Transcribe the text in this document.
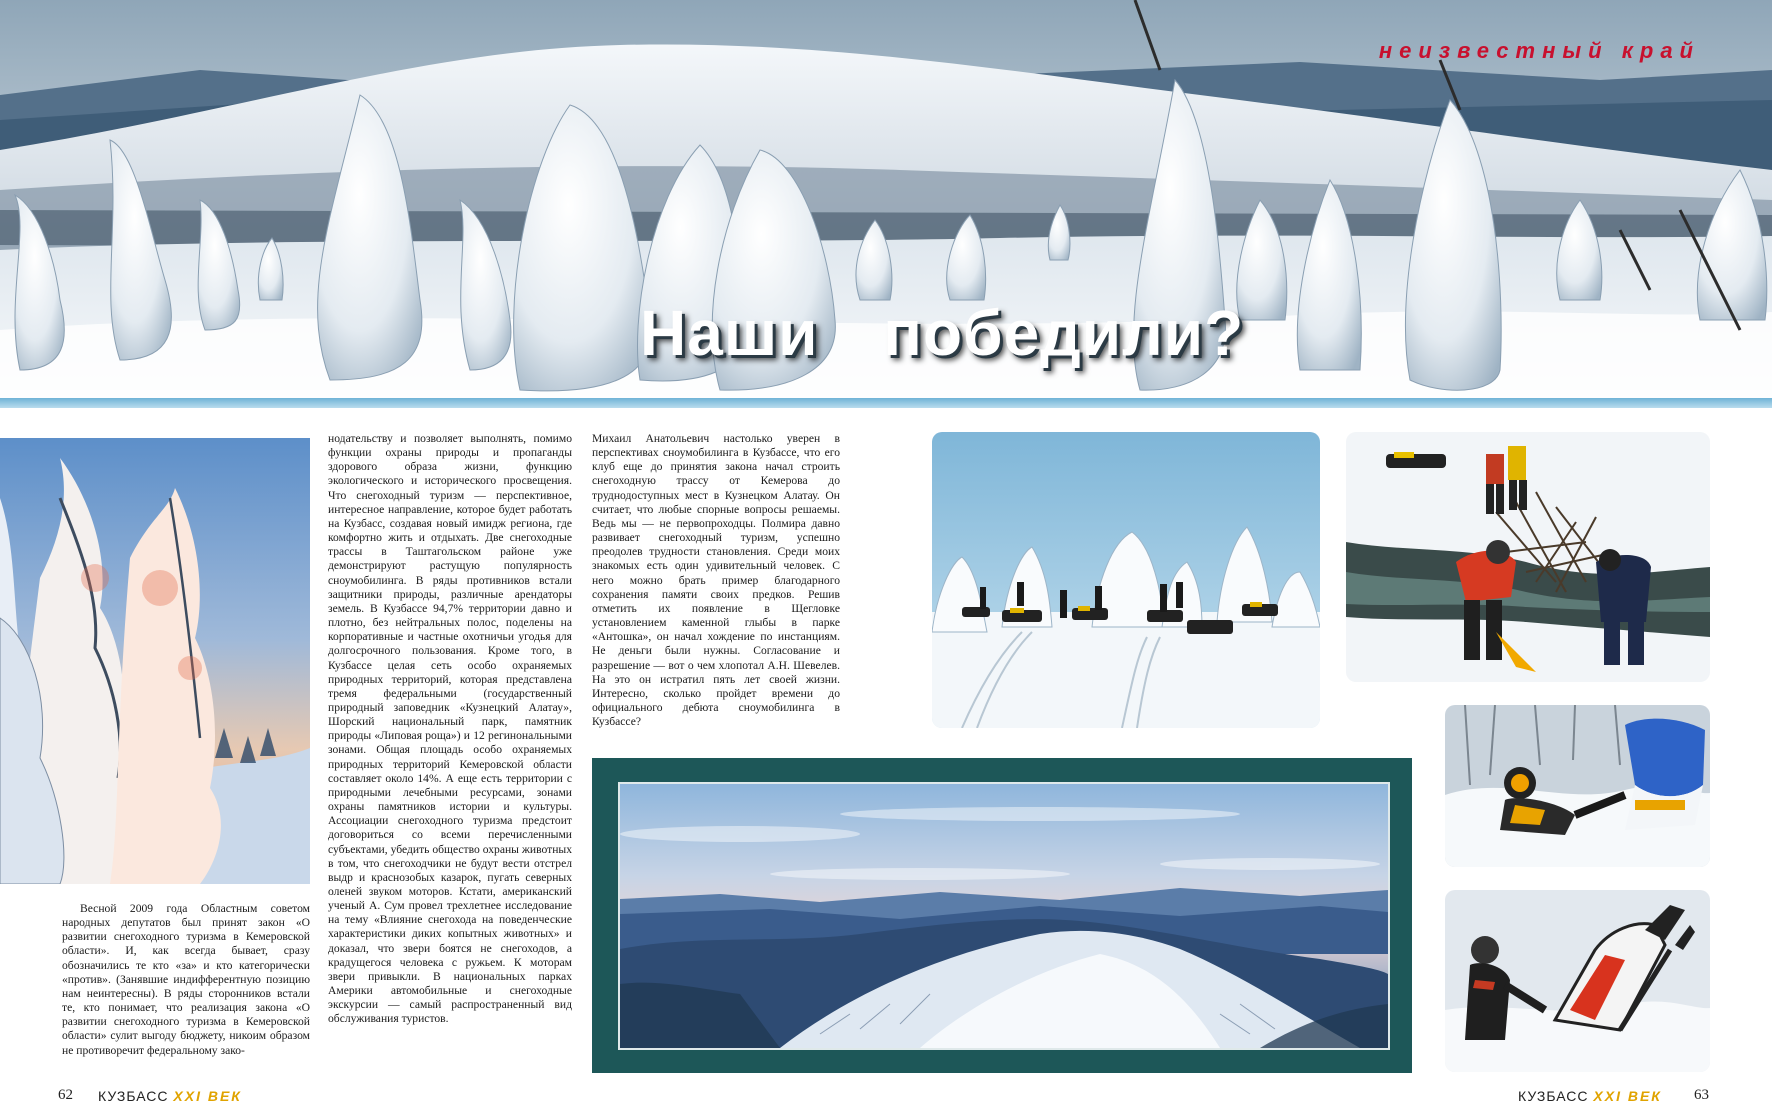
неизвестный край
Наши победили?
Весной 2009 года Областным советом народных депутатов был принят закон «О развитии снегоходного туризма в Кемеровской области». И, как всегда бывает, сразу обозначились те кто «за» и кто категорически «против». (Занявшие индифферентную позицию нам неинтересны). В ряды сторонников встали те, кто понимает, что реализация закона «О развитии снегоходного туризма в Кемеровской области» сулит выгоду бюджету, никоим образом не противоречит федеральному зако-
нодательству и позволяет выполнять, помимо функции охраны природы и пропаганды здорового образа жизни, функцию экологического и исторического просвещения. Что снегоходный туризм — перспективное, интересное направление, которое будет работать на Кузбасс, создавая новый имидж региона, где комфортно жить и отдыхать. Две снегоходные трассы в Таштагольском районе уже демонстрируют растущую популярность сноумобилинга. В ряды противников встали защитники природы, различные арендаторы земель. В Кузбассе 94,7% территории давно и плотно, без нейтральных полос, поделены на корпоративные и частные охотничьи угодья для долгосрочного пользования. Кроме того, в Кузбассе целая сеть особо охраняемых природных территорий, которая представлена тремя федеральными (государственный природный заповедник «Кузнецкий Алатау», Шорский национальный парк, памятник природы «Липовая роща») и 12 регинональными зонами. Общая площадь особо охраняемых природных территорий Кемеровской области составляет около 14%. А еще есть территории с природными лечебными ресурсами, зонами охраны памятников истории и культуры. Ассоциации снегоходного туризма предстоит договориться со всеми перечисленными субъектами, убедить общество охраны животных в том, что снегоходчики не будут вести отстрел выдр и краснозобых казарок, пугать северных оленей звуком моторов. Кстати, американский ученый А. Сум провел трехлетнее исследование на тему «Влияние снегохода на поведенческие характеристики диких копытных животных» и доказал, что звери боятся не снегоходов, а крадущегося человека с ружьем. К моторам звери привыкли. В национальных парках Америки автомобильные и снегоходные экскурсии — самый распространенный вид обслуживания туристов.
Михаил Анатольевич настолько уверен в перспективах сноумобилинга в Кузбассе, что его клуб еще до принятия закона начал строить снегоходную трассу от Кемерова до труднодоступных мест в Кузнецком Алатау. Он считает, что любые спорные вопросы решаемы. Ведь мы — не первопроходцы. Полмира давно развивает снегоходный туризм, успешно преодолев трудности становления. Среди моих знакомых есть один удивительный человек. С него можно брать пример благодарного сохранения памяти своих предков. Решив отметить их появление в Щегловке установлением каменной глыбы в парке «Антошка», он начал хождение по инстанциям. Не деньги были нужны. Согласование и разрешение — вот о чем хлопотал А.Н. Шевелев. На это он истратил пять лет своей жизни. Интересно, сколько пройдет времени до официального дебюта сноумобилинга в Кузбассе?
62 КУЗБАСС XXI ВЕК	КУЗБАСС XXI ВЕК 63
